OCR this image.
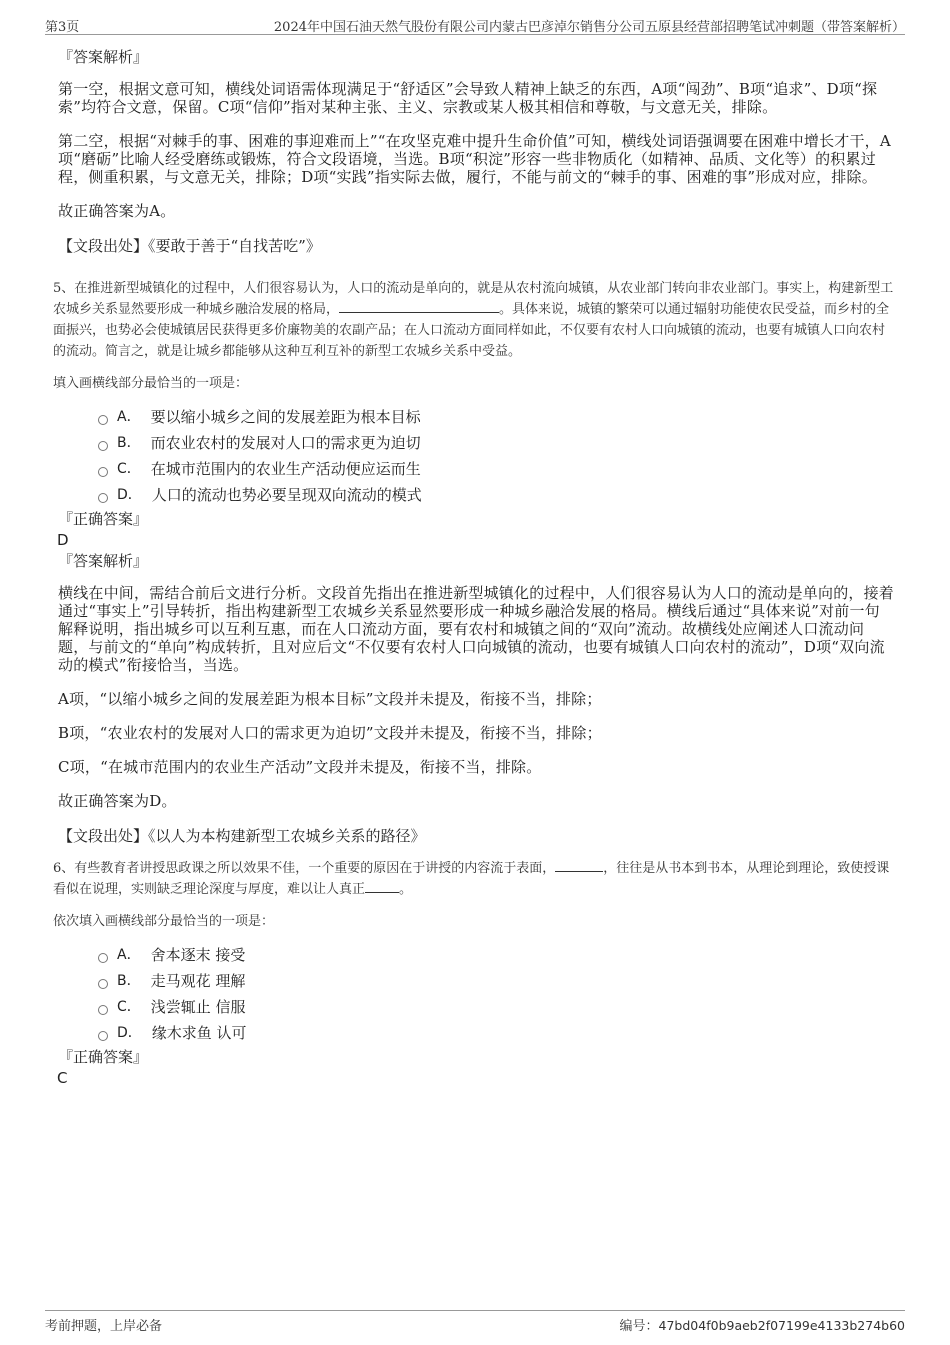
第3页	2024年中国石油天然气股份有限公司内蒙古巴彦淖尔销售分公司五原县经营部招聘笔试冲刺题（带答案解析）

『答案解析』

第一空，根据文意可知，横线处词语需体现满足于“舒适区”会导致人精神上缺乏的东西，A项“闯劲”、B项“追求”、D项“探索”均符合文意，保留。C项“信仰”指对某种主张、主义、宗教或某人极其相信和尊敬，与文意无关，排除。

第二空，根据“对棘手的事、困难的事迎难而上”“在攻坚克难中提升生命价值”可知，横线处词语强调要在困难中增长才干，A项“磨砺”比喻人经受磨练或锻炼，符合文段语境，当选。B项“积淀”形容一些非物质化（如精神、品质、文化等）的积累过程，侧重积累，与文意无关，排除；D项“实践”指实际去做，履行，不能与前文的“棘手的事、困难的事”形成对应，排除。

故正确答案为A。

【文段出处】《要敢于善于“自找苦吃”》

5、在推进新型城镇化的过程中，人们很容易认为，人口的流动是单向的，就是从农村流向城镇，从农业部门转向非农业部门。事实上，构建新型工农城乡关系显然要形成一种城乡融洽发展的格局，	。具体来说，城镇的繁荣可以通过辐射功能使农民受益，而乡村的全面振兴，也势必会使城镇居民获得更多价廉物美的农副产品；在人口流动方面同样如此，不仅要有农村人口向城镇的流动，也要有城镇人口向农村的流动。简言之，就是让城乡都能够从这种互利互补的新型工农城乡关系中受益。

填入画横线部分最恰当的一项是：

A． 要以缩小城乡之间的发展差距为根本目标
B． 而农业农村的发展对人口的需求更为迫切
C． 在城市范围内的农业生产活动便应运而生
D． 人口的流动也势必要呈现双向流动的模式

『正确答案』

D

『答案解析』

横线在中间，需结合前后文进行分析。文段首先指出在推进新型城镇化的过程中，人们很容易认为人口的流动是单向的，接着通过“事实上”引导转折，指出构建新型工农城乡关系显然要形成一种城乡融洽发展的格局。横线后通过“具体来说”对前一句解释说明，指出城乡可以互利互惠，而在人口流动方面，要有农村和城镇之间的“双向”流动。故横线处应阐述人口流动问题，与前文的“单向”构成转折，且对应后文“不仅要有农村人口向城镇的流动，也要有城镇人口向农村的流动”，D项“双向流动的模式”衔接恰当，当选。

A项，“以缩小城乡之间的发展差距为根本目标”文段并未提及，衔接不当，排除；

B项，“农业农村的发展对人口的需求更为迫切”文段并未提及，衔接不当，排除；

C项，“在城市范围内的农业生产活动”文段并未提及，衔接不当，排除。

故正确答案为D。

【文段出处】《以人为本构建新型工农城乡关系的路径》

6、有些教育者讲授思政课之所以效果不佳，一个重要的原因在于讲授的内容流于表面，	，往往是从书本到书本，从理论到理论，致使授课看似在说理，实则缺乏理论深度与厚度，难以让人真正	。

依次填入画横线部分最恰当的一项是：

A． 舍本逐末 接受
B． 走马观花 理解
C． 浅尝辄止 信服
D． 缘木求鱼 认可

『正确答案』

C

考前押题，上岸必备	编号：47bd04f0b9aeb2f07199e4133b274b60
